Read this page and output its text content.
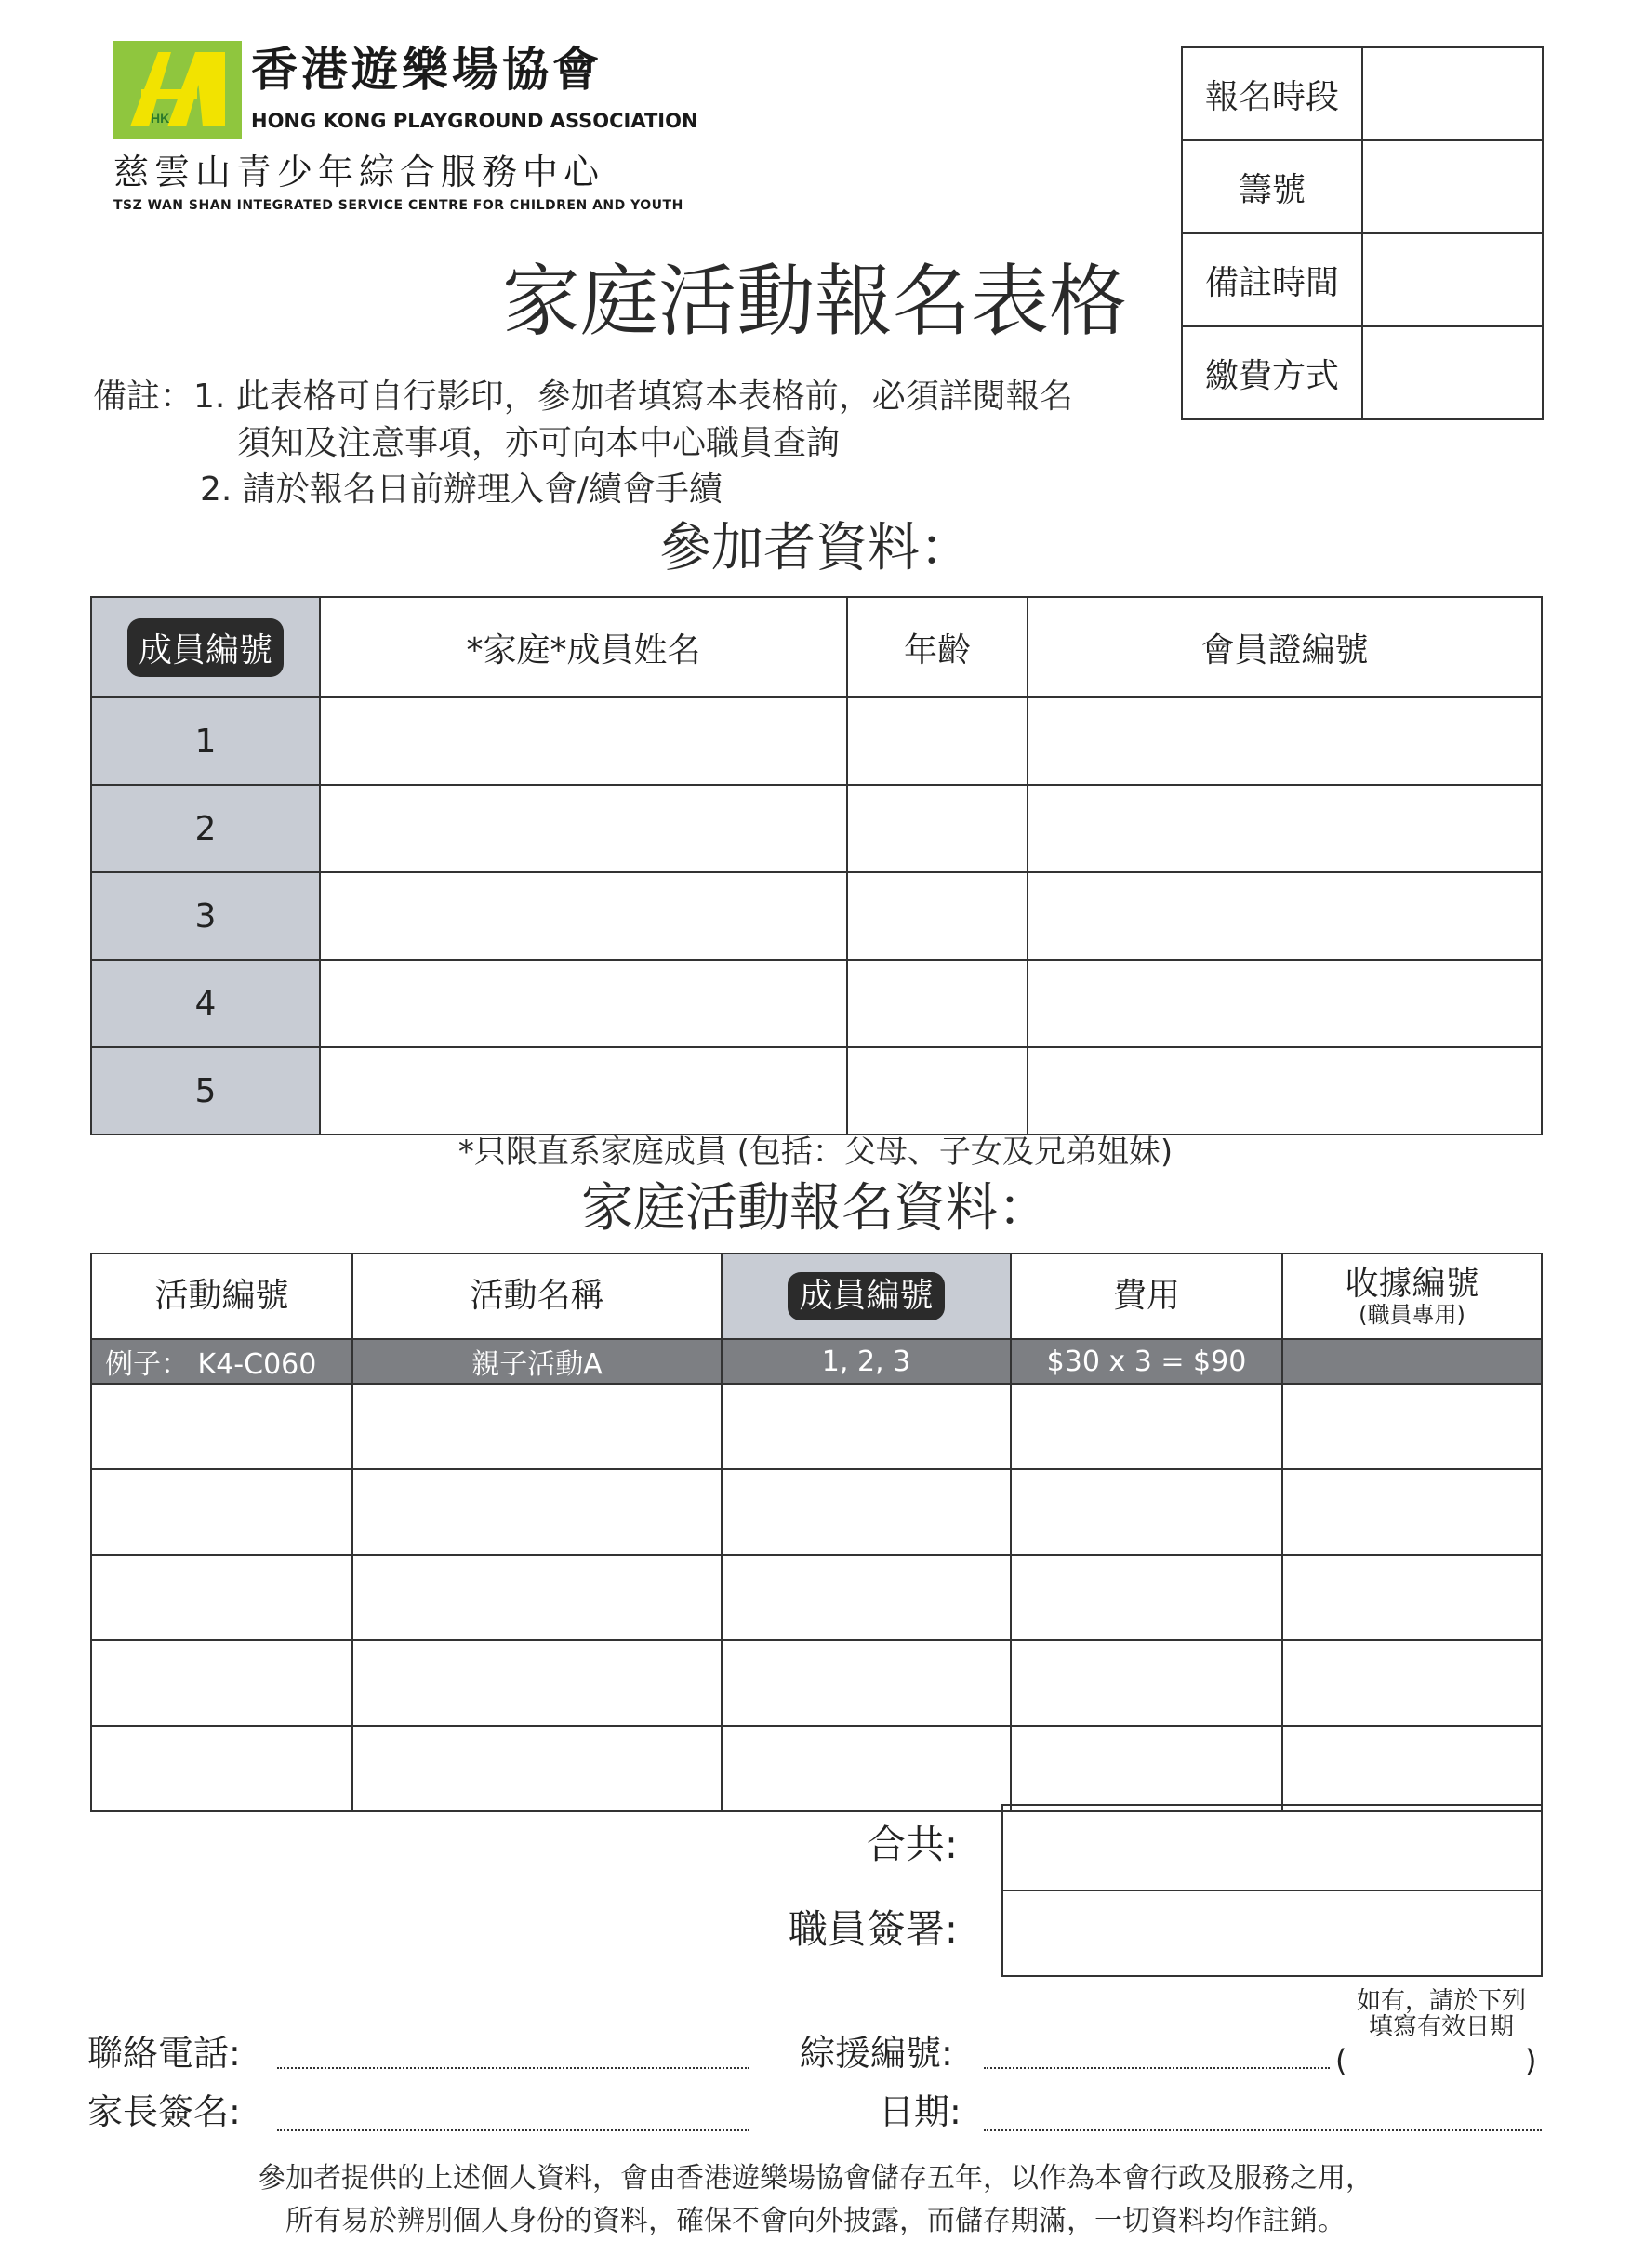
HK
香港遊樂場協會
HONG KONG PLAYGROUND ASSOCIATION
慈雲山青少年綜合服務中心
TSZ WAN SHAN INTEGRATED SERVICE CENTRE FOR CHILDREN AND YOUTH
報名時段	
籌號	
備註時間	
繳費方式	
家庭活動報名表格
備註：1. 此表格可自行影印，參加者填寫本表格前，必須詳閱報名
須知及注意事項，亦可向本中心職員查詢
2. 請於報名日前辦理入會/續會手續
參加者資料：
成員編號	*家庭*成員姓名	年齡	會員證編號
1			
2			
3			
4			
5			
*只限直系家庭成員 (包括：父母、子女及兄弟姐妹)
家庭活動報名資料：
活動編號	活動名稱	成員編號	費用	收據編號
(職員專用)

例子： K4-C060	親子活動A	1, 2, 3	$30 x 3 = $90	

合共:
職員簽署:

聯絡電話:	綜援編號:
如有，請於下列
填寫有效日期
(	)
家長簽名:	日期:
參加者提供的上述個人資料，會由香港遊樂場協會儲存五年，以作為本會行政及服務之用，
所有易於辨別個人身份的資料，確保不會向外披露，而儲存期滿，一切資料均作註銷。
